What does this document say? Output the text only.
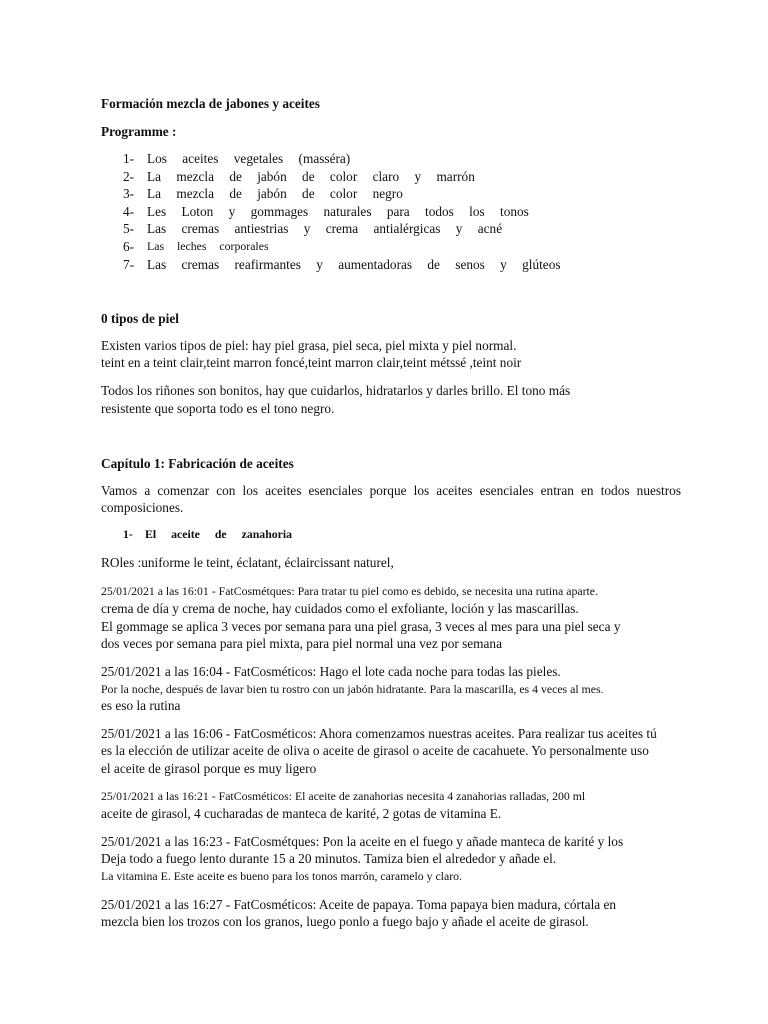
Formación mezcla de jabones y aceites
Programme :
1- Los aceites vegetales (masséra)
2- La mezcla de jabón de color claro y marrón
3- La mezcla de jabón de color negro
4- Les Loton y gommages naturales para todos los tonos
5- Las cremas antiestrias y crema antialérgicas y acné
6- Las leches corporales
7- Las cremas reafirmantes y aumentadoras de senos y glúteos
0 tipos de piel
Existen varios tipos de piel: hay piel grasa, piel seca, piel mixta y piel normal.
teint en a teint clair,teint marron foncé,teint marron clair,teint métssé ,teint noir
Todos los riñones son bonitos, hay que cuidarlos, hidratarlos y darles brillo. El tono más
resistente que soporta todo es el tono negro.
Capítulo 1: Fabricación de aceites
Vamos a comenzar con los aceites esenciales porque los aceites esenciales entran en todos nuestros
composiciones.
1- El aceite de zanahoria
ROles :uniforme le teint, éclatant, éclaircissant naturel,
25/01/2021 a las 16:01 - FatCosmétques: Para tratar tu piel como es debido, se necesita una rutina aparte.
crema de día y crema de noche, hay cuidados como el exfoliante, loción y las mascarillas.
El gommage se aplica 3 veces por semana para una piel grasa, 3 veces al mes para una piel seca y
dos veces por semana para piel mixta, para piel normal una vez por semana
25/01/2021 a las 16:04 - FatCosméticos: Hago el lote cada noche para todas las pieles.
Por la noche, después de lavar bien tu rostro con un jabón hidratante. Para la mascarilla, es 4 veces al mes.
es eso la rutina
25/01/2021 a las 16:06 - FatCosméticos: Ahora comenzamos nuestras aceites. Para realizar tus aceites tú
es la elección de utilizar aceite de oliva o aceite de girasol o aceite de cacahuete. Yo personalmente uso
el aceite de girasol porque es muy ligero
25/01/2021 a las 16:21 - FatCosméticos: El aceite de zanahorias necesita 4 zanahorias ralladas, 200 ml
aceite de girasol, 4 cucharadas de manteca de karité, 2 gotas de vitamina E.
25/01/2021 a las 16:23 - FatCosmétques: Pon la aceite en el fuego y añade manteca de karité y los
Deja todo a fuego lento durante 15 a 20 minutos. Tamiza bien el alrededor y añade el.
La vitamina E. Este aceite es bueno para los tonos marrón, caramelo y claro.
25/01/2021 a las 16:27 - FatCosméticos: Aceite de papaya. Toma papaya bien madura, córtala en
mezcla bien los trozos con los granos, luego ponlo a fuego bajo y añade el aceite de girasol.
